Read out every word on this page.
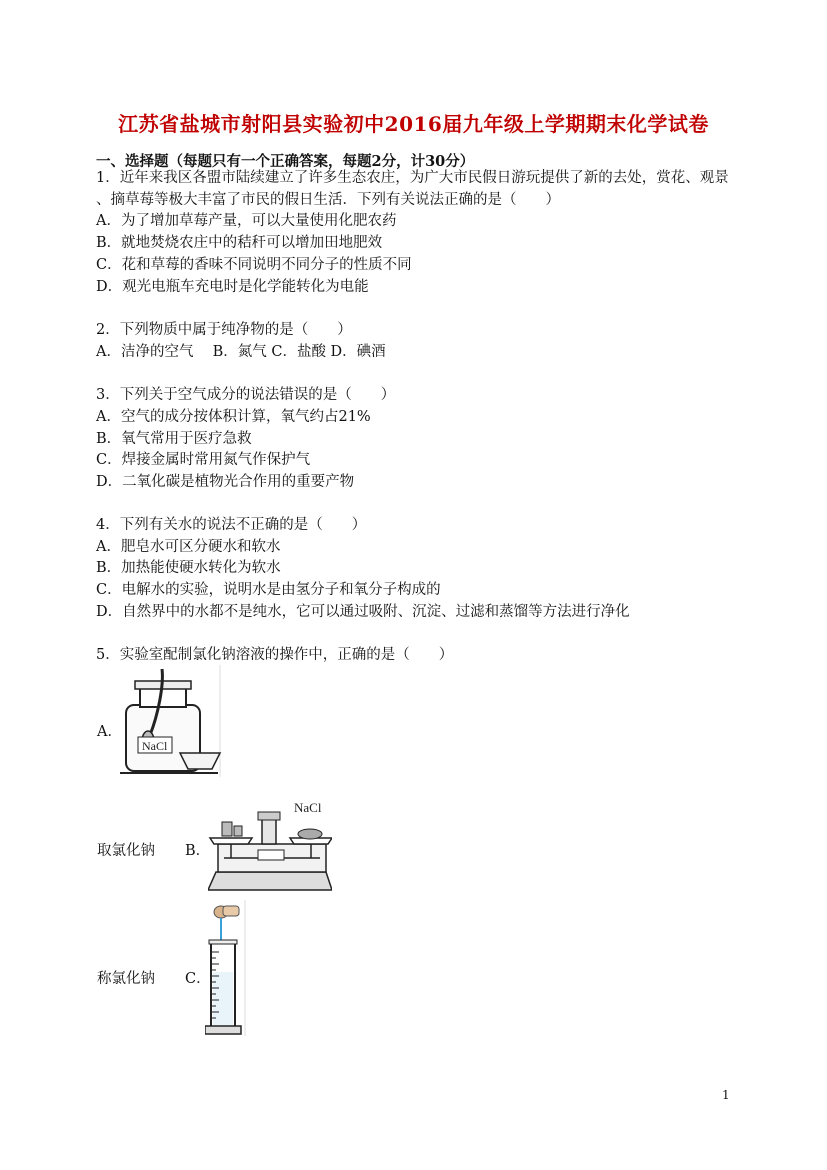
江苏省盐城市射阳县实验初中2016届九年级上学期期末化学试卷
一、选择题（每题只有一个正确答案，每题2分，计30分）
1．近年来我区各盟市陆续建立了许多生态农庄，为广大市民假日游玩提供了新的去处，赏花、观景
、摘草莓等极大丰富了市民的假日生活．下列有关说法正确的是（　　）
A．为了增加草莓产量，可以大量使用化肥农药
B．就地焚烧农庄中的秸秆可以增加田地肥效
C．花和草莓的香味不同说明不同分子的性质不同
D．观光电瓶车充电时是化学能转化为电能
2．下列物质中属于纯净物的是（　　）
A．洁净的空气　 B．氮气 C．盐酸 D．碘酒
3．下列关于空气成分的说法错误的是（　　）
A．空气的成分按体积计算，氧气约占21%
B．氧气常用于医疗急救
C．焊接金属时常用氮气作保护气
D．二氧化碳是植物光合作用的重要产物
4．下列有关水的说法不正确的是（　　）
A．肥皂水可区分硬水和软水
B．加热能使硬水转化为软水
C．电解水的实验，说明水是由氢分子和氧分子构成的
D．自然界中的水都不是纯水，它可以通过吸附、沉淀、过滤和蒸馏等方法进行净化
5．实验室配制氯化钠溶液的操作中，正确的是（　　）
A．
NaCl
取氯化钠 B．
NaCl
称氯化钠 C．
1
